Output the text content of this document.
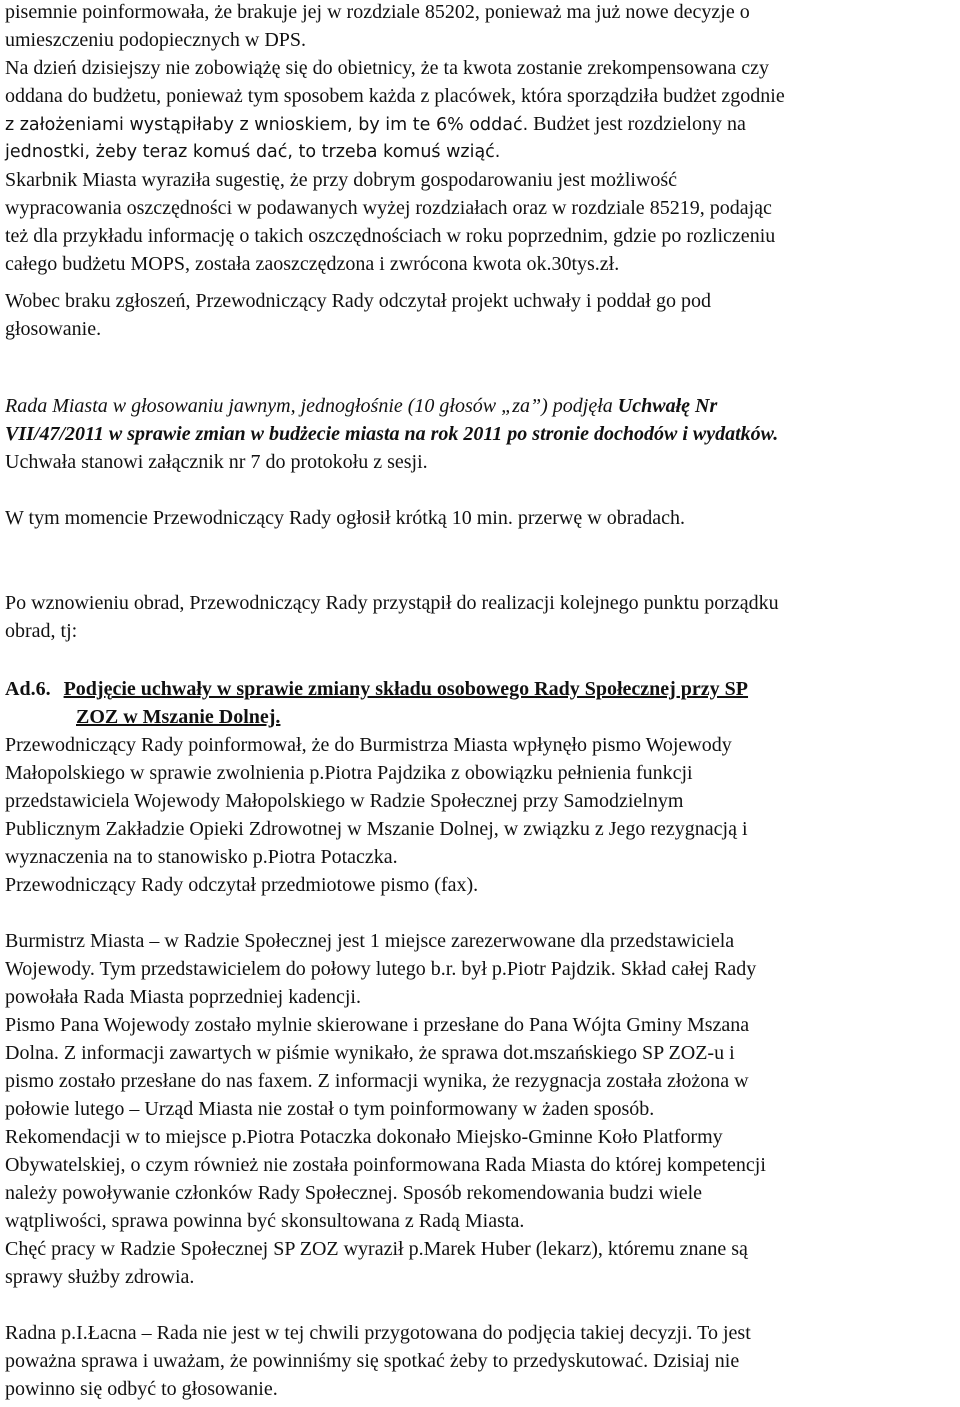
pisemnie poinformowała, że brakuje jej w rozdziale 85202, ponieważ ma już nowe decyzje o
umieszczeniu podopiecznych w DPS.
Na dzień dzisiejszy nie zobowiążę się do obietnicy, że ta kwota zostanie zrekompensowana czy
oddana do budżetu, ponieważ tym sposobem każda z placówek, która sporządziła budżet zgodnie
z założeniami wystąpiłaby z wnioskiem, by im te 6% oddać. Budżet jest rozdzielony na
jednostki, żeby teraz komuś dać, to trzeba komuś wziąć.
Skarbnik Miasta wyraziła sugestię, że przy dobrym gospodarowaniu jest możliwość
wypracowania oszczędności w podawanych wyżej rozdziałach oraz w rozdziale 85219, podając
też dla przykładu informację o takich oszczędnościach w roku poprzednim, gdzie po rozliczeniu
całego budżetu MOPS, została zaoszczędzona i zwrócona kwota ok.30tys.zł.
Wobec braku zgłoszeń, Przewodniczący Rady odczytał projekt uchwały i poddał go pod
głosowanie.
Rada Miasta w głosowaniu jawnym, jednogłośnie (10 głosów „za”) podjęła Uchwałę Nr
VII/47/2011 w sprawie zmian w budżecie miasta na rok 2011 po stronie dochodów i wydatków.
Uchwała stanowi załącznik nr 7 do protokołu z sesji.
W tym momencie Przewodniczący Rady ogłosił krótką 10 min. przerwę w obradach.
Po wznowieniu obrad, Przewodniczący Rady przystąpił do realizacji kolejnego punktu porządku
obrad, tj:
Ad.6. Podjęcie uchwały w sprawie zmiany składu osobowego Rady Społecznej przy SP
ZOZ w Mszanie Dolnej.
Przewodniczący Rady poinformował, że do Burmistrza Miasta wpłynęło pismo Wojewody
Małopolskiego w sprawie zwolnienia p.Piotra Pajdzika z obowiązku pełnienia funkcji
przedstawiciela Wojewody Małopolskiego w Radzie Społecznej przy Samodzielnym
Publicznym Zakładzie Opieki Zdrowotnej w Mszanie Dolnej, w związku z Jego rezygnacją i
wyznaczenia na to stanowisko p.Piotra Potaczka.
Przewodniczący Rady odczytał przedmiotowe pismo (fax).
Burmistrz Miasta – w Radzie Społecznej jest 1 miejsce zarezerwowane dla przedstawiciela
Wojewody. Tym przedstawicielem do połowy lutego b.r. był p.Piotr Pajdzik. Skład całej Rady
powołała Rada Miasta poprzedniej kadencji.
Pismo Pana Wojewody zostało mylnie skierowane i przesłane do Pana Wójta Gminy Mszana
Dolna. Z informacji zawartych w piśmie wynikało, że sprawa dot.mszańskiego SP ZOZ-u i
pismo zostało przesłane do nas faxem. Z informacji wynika, że rezygnacja została złożona w
połowie lutego – Urząd Miasta nie został o tym poinformowany w żaden sposób.
Rekomendacji w to miejsce p.Piotra Potaczka dokonało Miejsko-Gminne Koło Platformy
Obywatelskiej, o czym również nie została poinformowana Rada Miasta do której kompetencji
należy powoływanie członków Rady Społecznej. Sposób rekomendowania budzi wiele
wątpliwości, sprawa powinna być skonsultowana z Radą Miasta.
Chęć pracy w Radzie Społecznej SP ZOZ wyraził p.Marek Huber (lekarz), któremu znane są
sprawy służby zdrowia.
Radna p.I.Łacna – Rada nie jest w tej chwili przygotowana do podjęcia takiej decyzji. To jest
poważna sprawa i uważam, że powinniśmy się spotkać żeby to przedyskutować. Dzisiaj nie
powinno się odbyć to głosowanie.
